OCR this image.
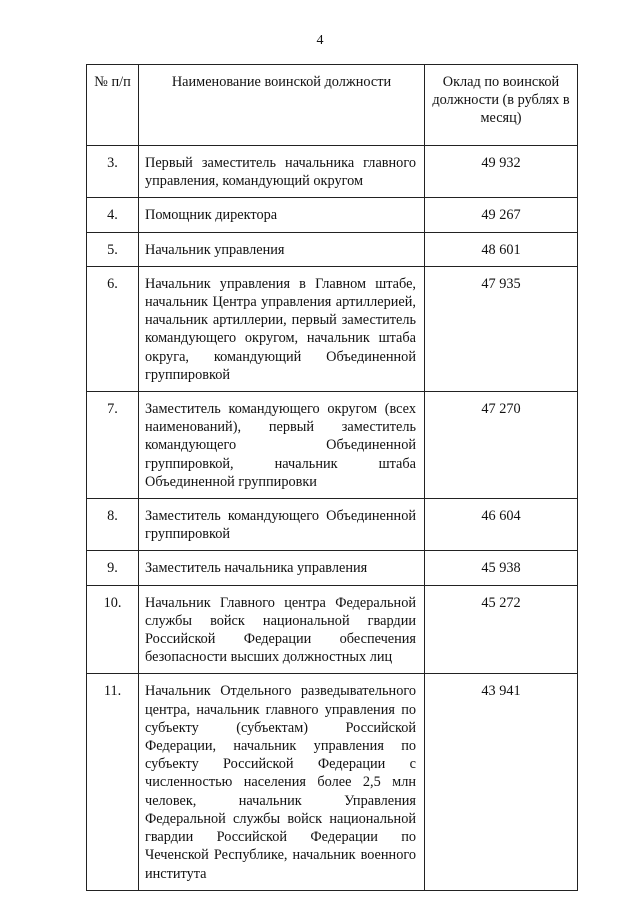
4
№ п/п	Наименование воинской должности	Оклад по воинской должности (в рублях в месяц)
3.	Первый заместитель начальника главного управления, командующий округом	49 932
4.	Помощник директора	49 267
5.	Начальник управления	48 601
6.	Начальник управления в Главном штабе, начальник Центра управления артиллерией, начальник артиллерии, первый заместитель командующего округом, начальник штаба округа, командующий Объединенной группировкой	47 935
7.	Заместитель командующего округом (всех наименований), первый заместитель командующего Объединенной группировкой, начальник штаба Объединенной группировки	47 270
8.	Заместитель командующего Объединенной группировкой	46 604
9.	Заместитель начальника управления	45 938
10.	Начальник Главного центра Федеральной службы войск национальной гвардии Российской Федерации обеспечения безопасности высших должностных лиц	45 272
11.	Начальник Отдельного разведывательного центра, начальник главного управления по субъекту (субъектам) Российской Федерации, начальник управления по субъекту Российской Федерации с численностью населения более 2,5 млн человек, начальник Управления Федеральной службы войск национальной гвардии Российской Федерации по Чеченской Республике, начальник военного института	43 941
